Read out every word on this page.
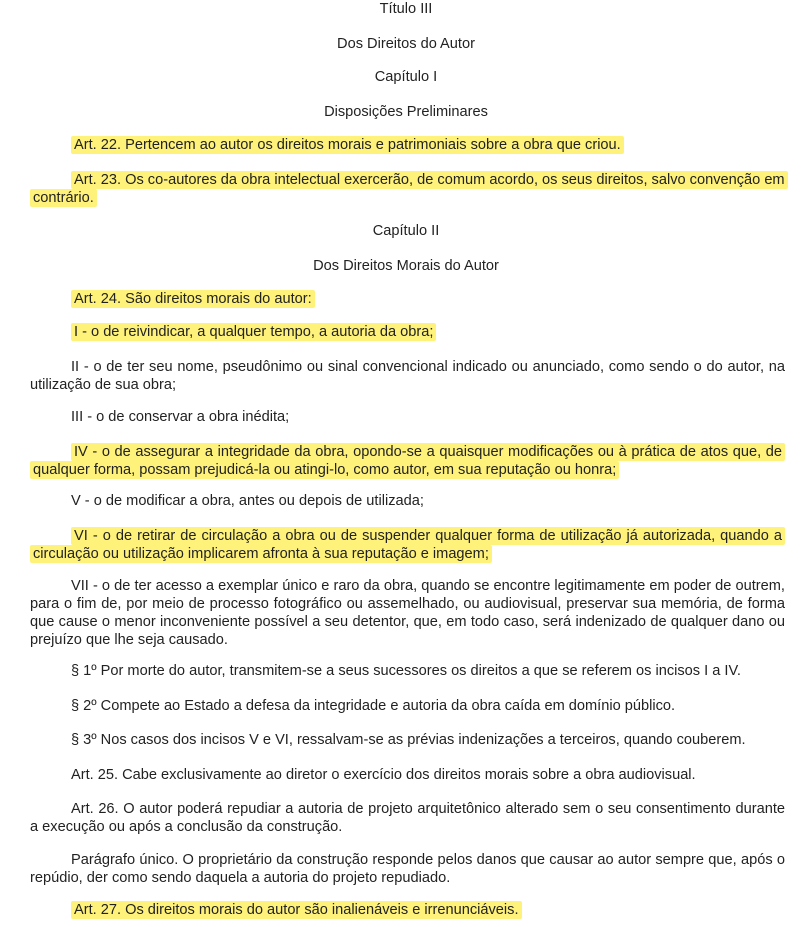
Título III
Dos Direitos do Autor
Capítulo I
Disposições Preliminares

Art. 22. Pertencem ao autor os direitos morais e patrimoniais sobre a obra que criou.

Art. 23. Os co-autores da obra intelectual exercerão, de comum acordo, os seus direitos, salvo convenção em contrário.

Capítulo II
Dos Direitos Morais do Autor

Art. 24. São direitos morais do autor:

I - o de reivindicar, a qualquer tempo, a autoria da obra;

II - o de ter seu nome, pseudônimo ou sinal convencional indicado ou anunciado, como sendo o do autor, na utilização de sua obra;

III - o de conservar a obra inédita;

IV - o de assegurar a integridade da obra, opondo-se a quaisquer modificações ou à prática de atos que, de qualquer forma, possam prejudicá-la ou atingi-lo, como autor, em sua reputação ou honra;

V - o de modificar a obra, antes ou depois de utilizada;

VI - o de retirar de circulação a obra ou de suspender qualquer forma de utilização já autorizada, quando a circulação ou utilização implicarem afronta à sua reputação e imagem;

VII - o de ter acesso a exemplar único e raro da obra, quando se encontre legitimamente em poder de outrem, para o fim de, por meio de processo fotográfico ou assemelhado, ou audiovisual, preservar sua memória, de forma que cause o menor inconveniente possível a seu detentor, que, em todo caso, será indenizado de qualquer dano ou prejuízo que lhe seja causado.

§ 1º Por morte do autor, transmitem-se a seus sucessores os direitos a que se referem os incisos I a IV.

§ 2º Compete ao Estado a defesa da integridade e autoria da obra caída em domínio público.

§ 3º Nos casos dos incisos V e VI, ressalvam-se as prévias indenizações a terceiros, quando couberem.

Art. 25. Cabe exclusivamente ao diretor o exercício dos direitos morais sobre a obra audiovisual.

Art. 26. O autor poderá repudiar a autoria de projeto arquitetônico alterado sem o seu consentimento durante a execução ou após a conclusão da construção.

Parágrafo único. O proprietário da construção responde pelos danos que causar ao autor sempre que, após o repúdio, der como sendo daquela a autoria do projeto repudiado.

Art. 27. Os direitos morais do autor são inalienáveis e irrenunciáveis.
